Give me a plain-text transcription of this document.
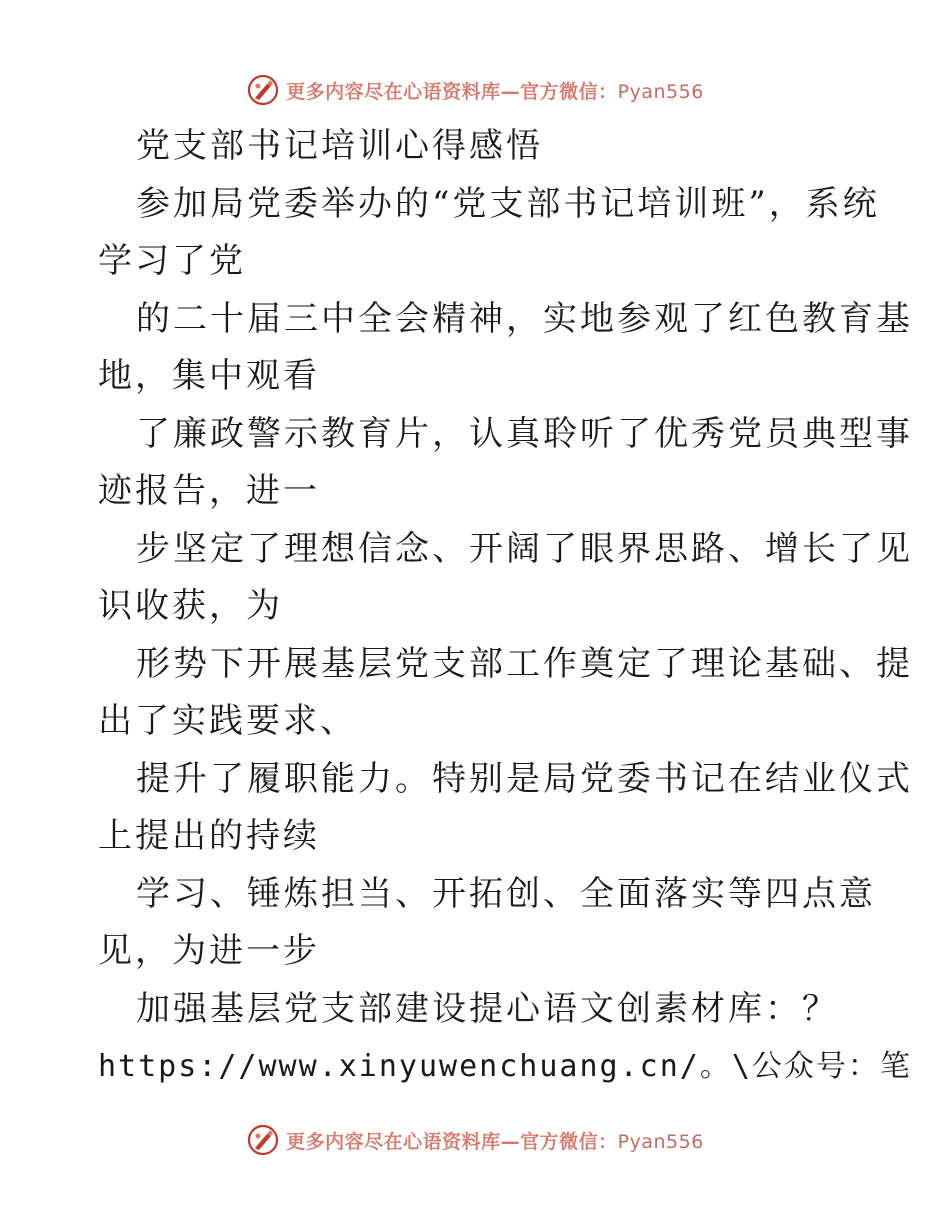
更多内容尽在心语资料库—官方微信：Pyan556
党支部书记培训心得感悟
参加局党委举办的“党支部书记培训班”，系统
学习了党
的二十届三中全会精神，实地参观了红色教育基
地，集中观看
了廉政警示教育片，认真聆听了优秀党员典型事
迹报告，进一
步坚定了理想信念、开阔了眼界思路、增长了见
识收获，为
形势下开展基层党支部工作奠定了理论基础、提
出了实践要求、
提升了履职能力。特别是局党委书记在结业仪式
上提出的持续
学习、锤炼担当、开拓创、全面落实等四点意
见，为进一步
加强基层党支部建设提心语文创素材库：？
https://www.xinyuwenchuang.cn/。\公众号：笔
更多内容尽在心语资料库—官方微信：Pyan556
